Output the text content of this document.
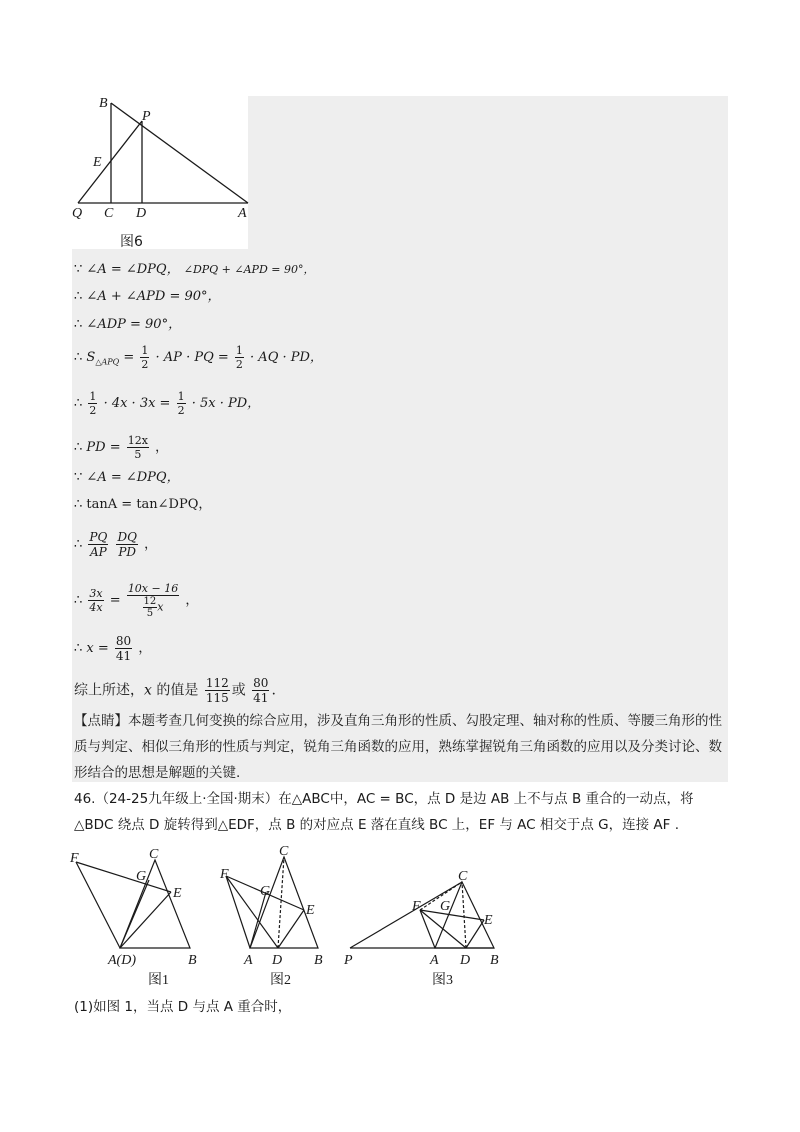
B
P
E
Q C D	A
图6
∵ ∠A = ∠DPQ， ∠DPQ + ∠APD = 90°，
∴ ∠A + ∠APD = 90°，
∴ ∠ADP = 90°，
∴ $S_{\triangle APQ} = \frac{1}{2}$ · AP · PQ = $\frac{1}{2}$ · AQ · PD，
∴ $\frac{1}{2} \cdot 4x \cdot 3x = \frac{1}{2} \cdot 5x$ · PD，
∴ PD = $\frac{12x}{5}$ ，
∵ ∠A = ∠DPQ，
∴ tanA = tan∠DPQ，
∴ $\frac{PQ}{AP}$
$\frac{DQ}{PD}$ ，
∴ $\frac{3x}{4x} = \frac{10x - 16}{\frac{12}{5} x}$ ，
∴ $x = \frac{80}{41}$ ，
综上所述，x 的值是 $\frac{112}{115}$ 或 $\frac{80}{41}$ .
【点睛】本题考查几何变换的综合应用，涉及直角三角形的性质、勾股定理、轴对称的性质、等腰三角形的性质与判定、相似三角形的性质与判定，锐角三角函数的应用，熟练掌握锐角三角函数的应用以及分类讨论、数形结合的思想是解题的关键.
46.（24-25九年级上·全国·期末）在△ABC中，AC = BC，点 D 是边 AB 上不与点 B 重合的一动点，将△BDC 绕点 D 旋转得到△EDF，点 B 的对应点 E 落在直线 BC 上，EF 与 AC 相交于点 G，连接 AF .
F	C
G
E
A(D)	B
F
C
G
E
A D B P
F
C
G
E
A D B
图1	图2	图3
(1)如图 1，当点 D 与点 A 重合时，
